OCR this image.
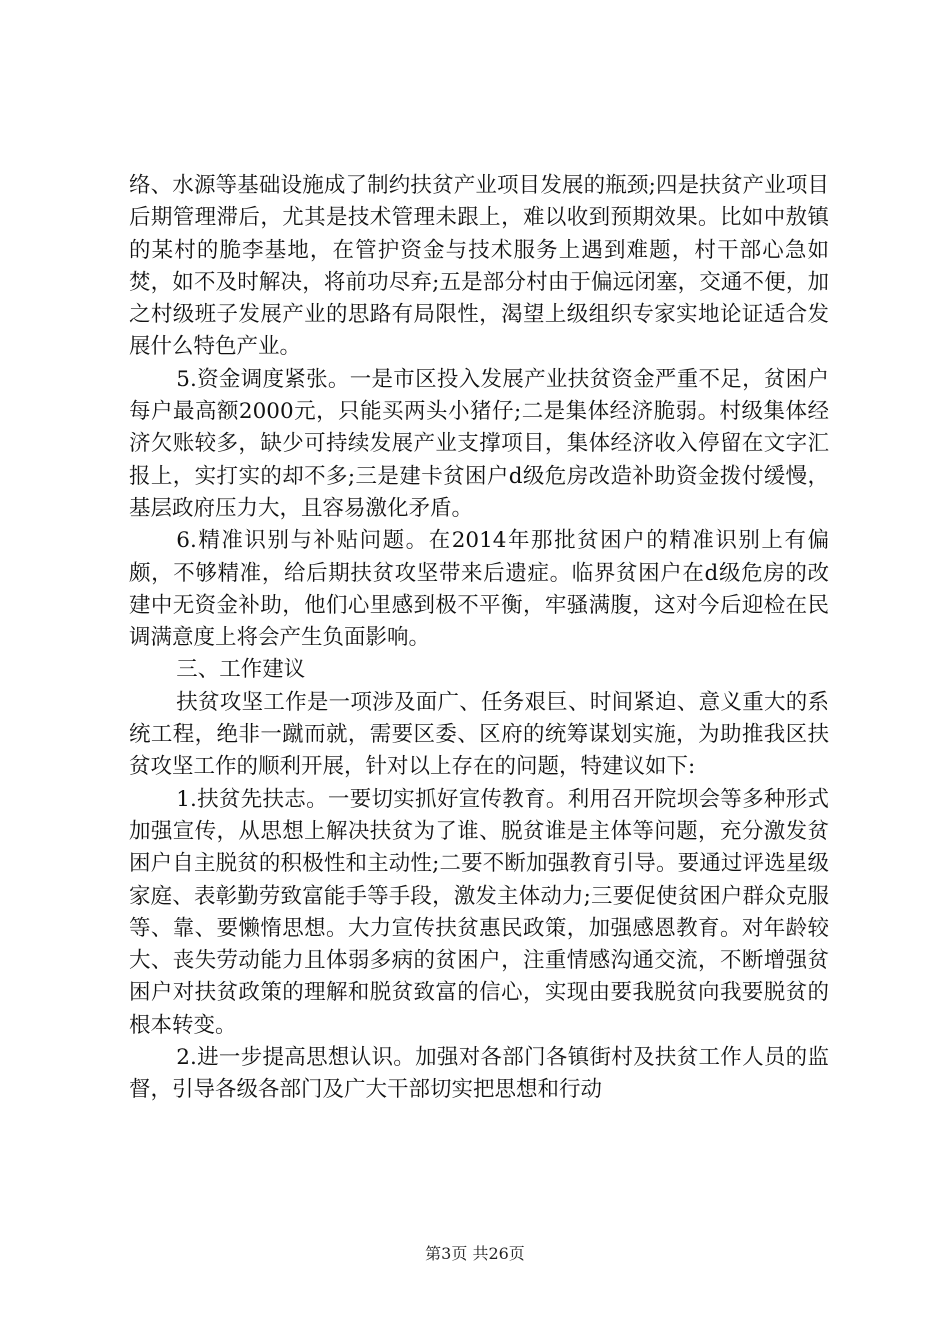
络、水源等基础设施成了制约扶贫产业项目发展的瓶颈;四是扶贫产业项目后期管理滞后，尤其是技术管理未跟上，难以收到预期效果。比如中敖镇的某村的脆李基地，在管护资金与技术服务上遇到难题，村干部心急如焚，如不及时解决，将前功尽弃;五是部分村由于偏远闭塞，交通不便，加之村级班子发展产业的思路有局限性，渴望上级组织专家实地论证适合发展什么特色产业。

5.资金调度紧张。一是市区投入发展产业扶贫资金严重不足，贫困户每户最高额2000元，只能买两头小猪仔;二是集体经济脆弱。村级集体经济欠账较多，缺少可持续发展产业支撑项目，集体经济收入停留在文字汇报上，实打实的却不多;三是建卡贫困户d级危房改造补助资金拨付缓慢，基层政府压力大，且容易激化矛盾。

6.精准识别与补贴问题。在2014年那批贫困户的精准识别上有偏颇，不够精准，给后期扶贫攻坚带来后遗症。临界贫困户在d级危房的改建中无资金补助，他们心里感到极不平衡，牢骚满腹，这对今后迎检在民调满意度上将会产生负面影响。

三、工作建议

扶贫攻坚工作是一项涉及面广、任务艰巨、时间紧迫、意义重大的系统工程，绝非一蹴而就，需要区委、区府的统筹谋划实施，为助推我区扶贫攻坚工作的顺利开展，针对以上存在的问题，特建议如下:

1.扶贫先扶志。一要切实抓好宣传教育。利用召开院坝会等多种形式加强宣传，从思想上解决扶贫为了谁、脱贫谁是主体等问题，充分激发贫困户自主脱贫的积极性和主动性;二要不断加强教育引导。要通过评选星级家庭、表彰勤劳致富能手等手段，激发主体动力;三要促使贫困户群众克服等、靠、要懒惰思想。大力宣传扶贫惠民政策，加强感恩教育。对年龄较大、丧失劳动能力且体弱多病的贫困户，注重情感沟通交流，不断增强贫困户对扶贫政策的理解和脱贫致富的信心，实现由要我脱贫向我要脱贫的根本转变。

2.进一步提高思想认识。加强对各部门各镇街村及扶贫工作人员的监督，引导各级各部门及广大干部切实把思想和行动

第3页 共26页
